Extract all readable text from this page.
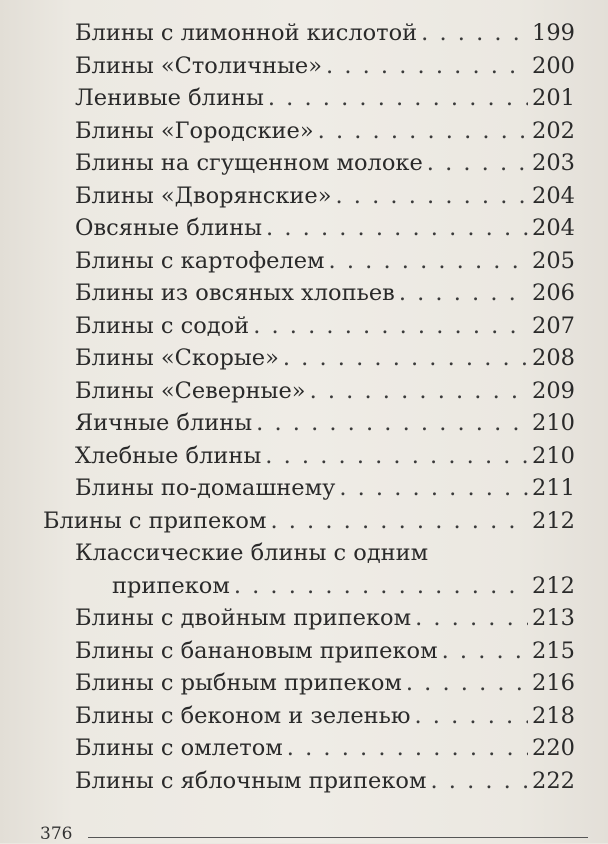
Блины с лимонной кислотой . . .	199
Блины «Столичные» . . .	200
Ленивые блины . . .	201
Блины «Городские» . . .	202
Блины на сгущенном молоке . . .	203
Блины «Дворянские» . . .	204
Овсяные блины . . .	204
Блины с картофелем . . .	205
Блины из овсяных хлопьев . . .	206
Блины с содой . . .	207
Блины «Скорые» . . .	208
Блины «Северные» . . .	209
Яичные блины . . .	210
Хлебные блины . . .	210
Блины по-домашнему . . .	211
Блины с припеком . . .	212
Классические блины с одним
припеком . . .	212
Блины с двойным припеком . . .	213
Блины с банановым припеком . . .	215
Блины с рыбным припеком . . .	216
Блины с беконом и зеленью . . .	218
Блины с омлетом . . .	220
Блины с яблочным припеком . . .	222
376
